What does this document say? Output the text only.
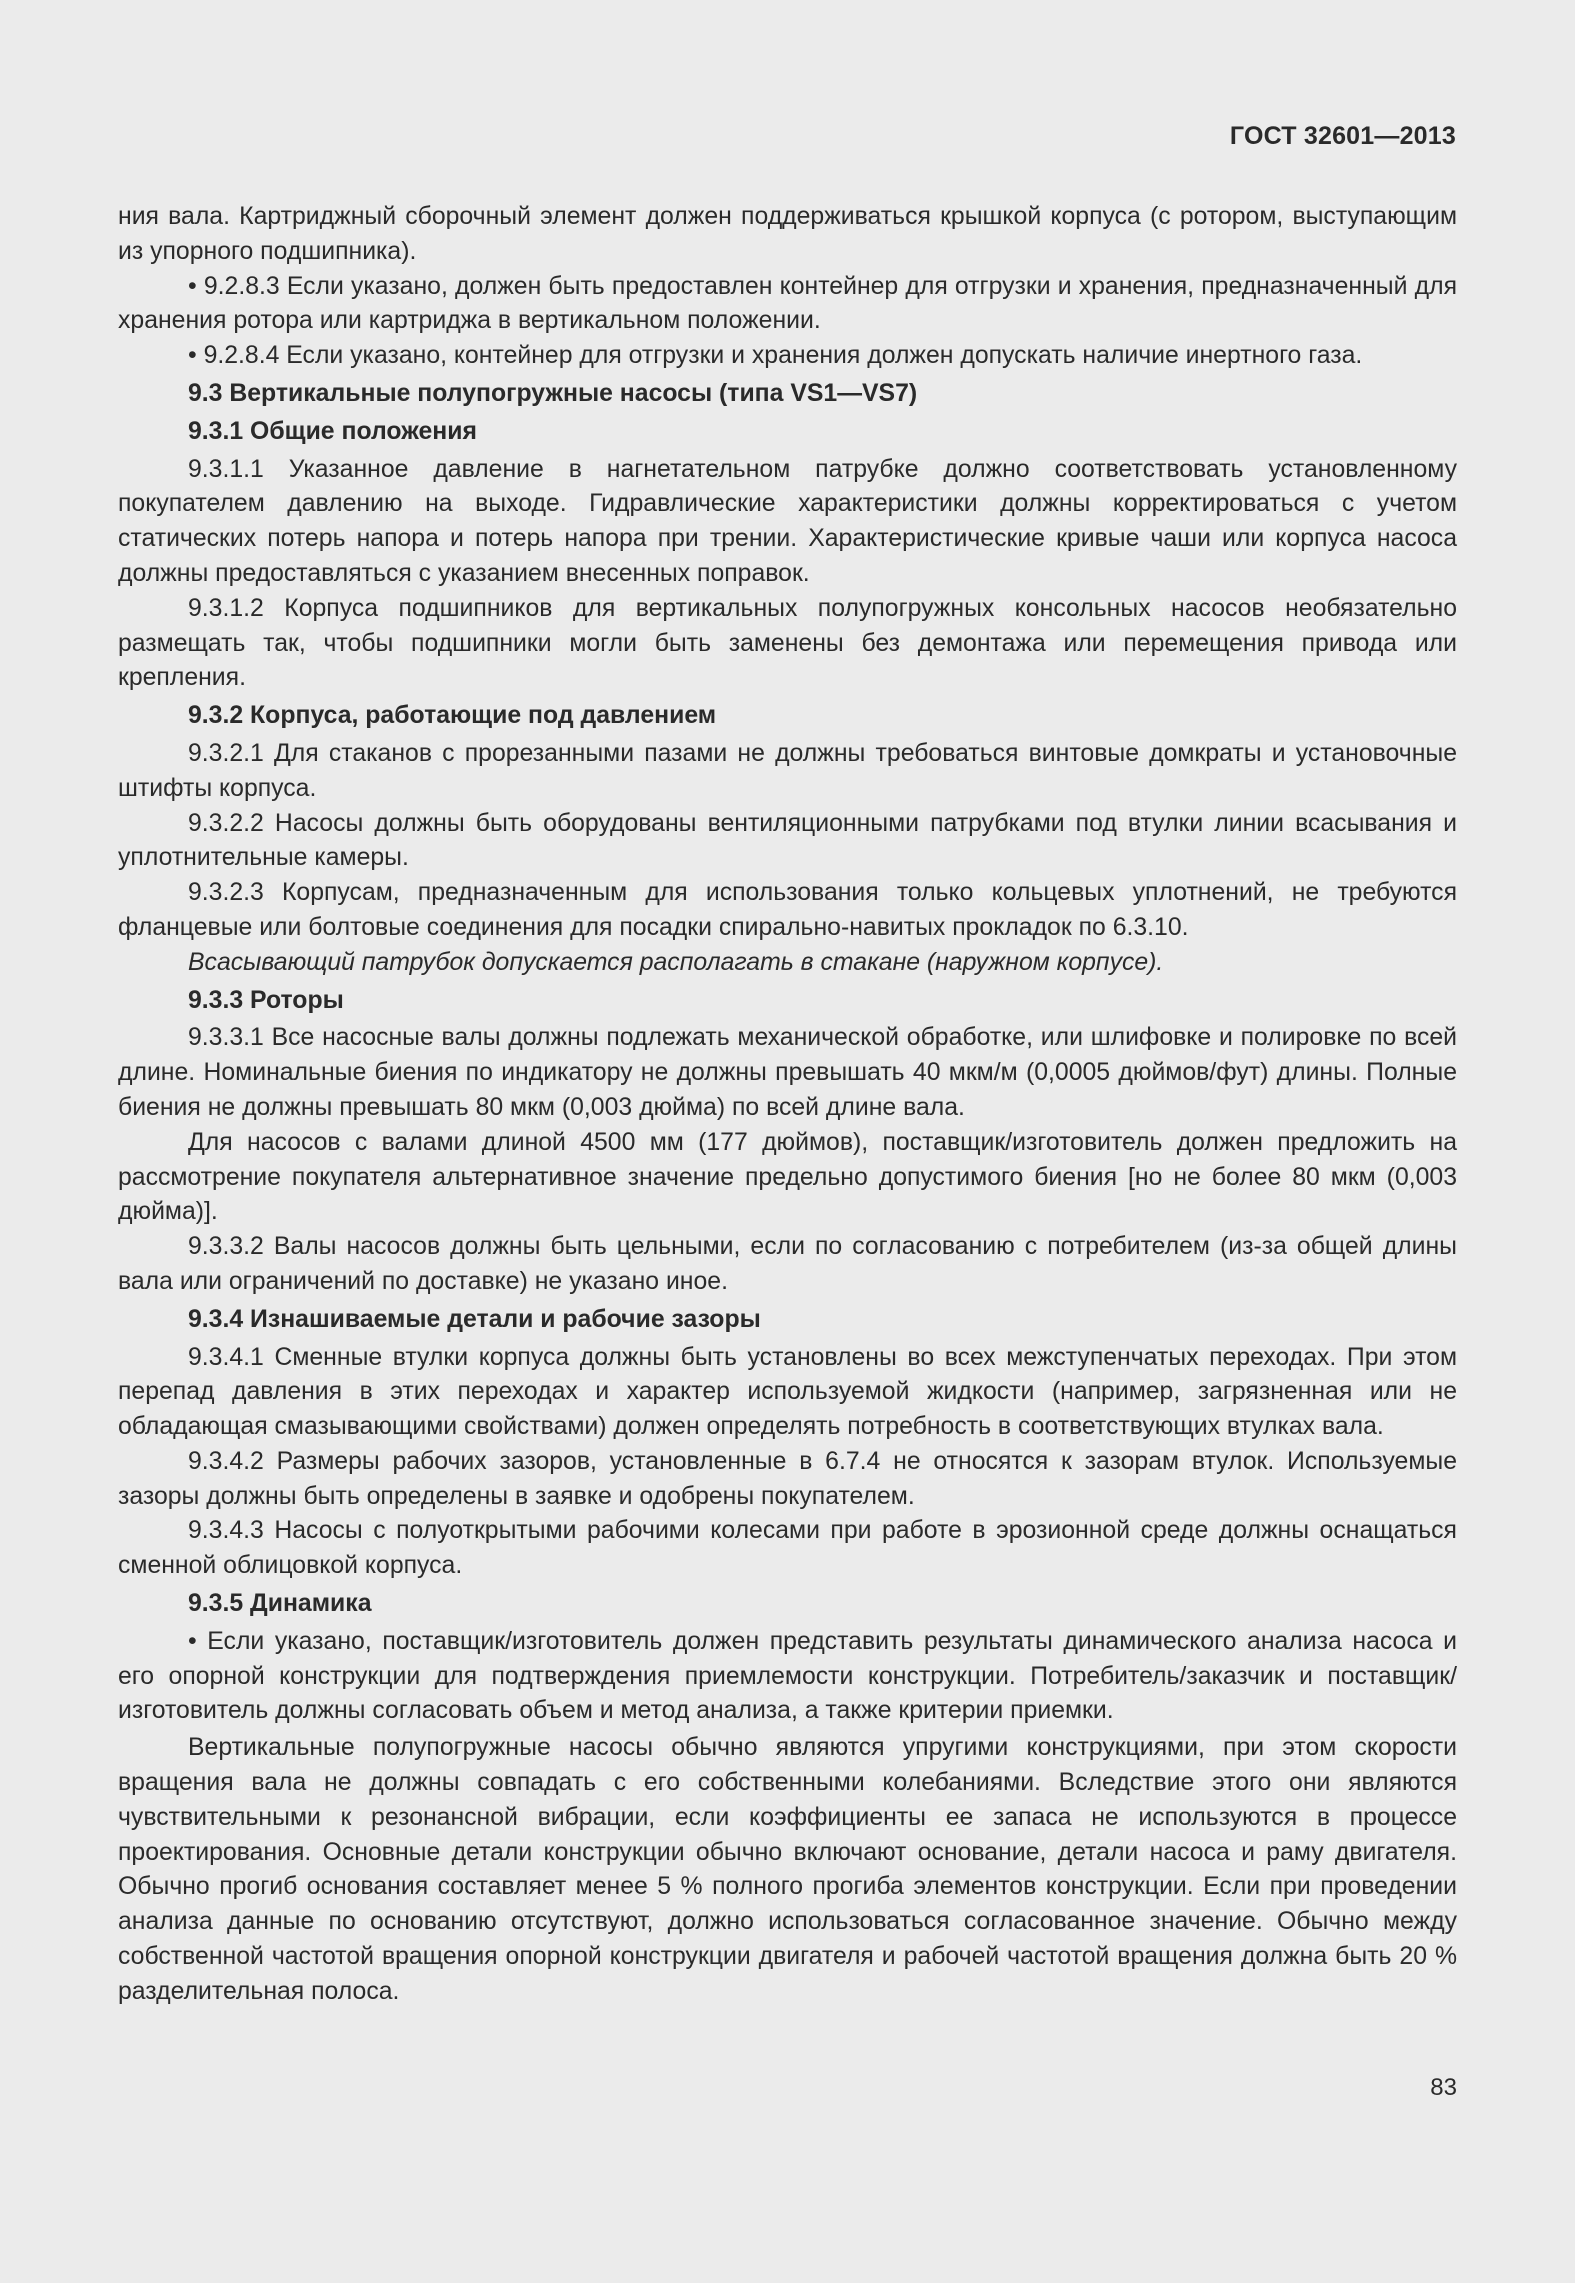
ГОСТ 32601—2013

ния вала. Картриджный сборочный элемент должен поддерживаться крышкой корпуса (с ротором, выступающим из упорного подшипника).

• 9.2.8.3 Если указано, должен быть предоставлен контейнер для отгрузки и хранения, предназначенный для хранения ротора или картриджа в вертикальном положении.

• 9.2.8.4 Если указано, контейнер для отгрузки и хранения должен допускать наличие инертного газа.

9.3 Вертикальные полупогружные насосы (типа VS1—VS7)

9.3.1 Общие положения

9.3.1.1 Указанное давление в нагнетательном патрубке должно соответствовать установленному покупателем давлению на выходе. Гидравлические характеристики должны корректироваться с учетом статических потерь напора и потерь напора при трении. Характеристические кривые чаши или корпуса насоса должны предоставляться с указанием внесенных поправок.

9.3.1.2 Корпуса подшипников для вертикальных полупогружных консольных насосов необязательно размещать так, чтобы подшипники могли быть заменены без демонтажа или перемещения привода или крепления.

9.3.2 Корпуса, работающие под давлением

9.3.2.1 Для стаканов с прорезанными пазами не должны требоваться винтовые домкраты и установочные штифты корпуса.

9.3.2.2 Насосы должны быть оборудованы вентиляционными патрубками под втулки линии всасывания и уплотнительные камеры.

9.3.2.3 Корпусам, предназначенным для использования только кольцевых уплотнений, не требуются фланцевые или болтовые соединения для посадки спирально-навитых прокладок по 6.3.10.

Всасывающий патрубок допускается располагать в стакане (наружном корпусе).

9.3.3 Роторы

9.3.3.1 Все насосные валы должны подлежать механической обработке, или шлифовке и полировке по всей длине. Номинальные биения по индикатору не должны превышать 40 мкм/м (0,0005 дюймов/фут) длины. Полные биения не должны превышать 80 мкм (0,003 дюйма) по всей длине вала.

Для насосов с валами длиной 4500 мм (177 дюймов), поставщик/изготовитель должен предложить на рассмотрение покупателя альтернативное значение предельно допустимого биения [но не более 80 мкм (0,003 дюйма)].

9.3.3.2 Валы насосов должны быть цельными, если по согласованию с потребителем (из-за общей длины вала или ограничений по доставке) не указано иное.

9.3.4 Изнашиваемые детали и рабочие зазоры

9.3.4.1 Сменные втулки корпуса должны быть установлены во всех межступенчатых переходах. При этом перепад давления в этих переходах и характер используемой жидкости (например, загрязненная или не обладающая смазывающими свойствами) должен определять потребность в соответствующих втулках вала.

9.3.4.2 Размеры рабочих зазоров, установленные в 6.7.4 не относятся к зазорам втулок. Используемые зазоры должны быть определены в заявке и одобрены покупателем.

9.3.4.3 Насосы с полуоткрытыми рабочими колесами при работе в эрозионной среде должны оснащаться сменной облицовкой корпуса.

9.3.5 Динамика

• Если указано, поставщик/изготовитель должен представить результаты динамического анализа насоса и его опорной конструкции для подтверждения приемлемости конструкции. Потребитель/заказчик и поставщик/изготовитель должны согласовать объем и метод анализа, а также критерии приемки.

Вертикальные полупогружные насосы обычно являются упругими конструкциями, при этом скорости вращения вала не должны совпадать с его собственными колебаниями. Вследствие этого они являются чувствительными к резонансной вибрации, если коэффициенты ее запаса не используются в процессе проектирования. Основные детали конструкции обычно включают основание, детали насоса и раму двигателя. Обычно прогиб основания составляет менее 5 % полного прогиба элементов конструкции. Если при проведении анализа данные по основанию отсутствуют, должно использоваться согласованное значение. Обычно между собственной частотой вращения опорной конструкции двигателя и рабочей частотой вращения должна быть 20 % разделительная полоса.

83
